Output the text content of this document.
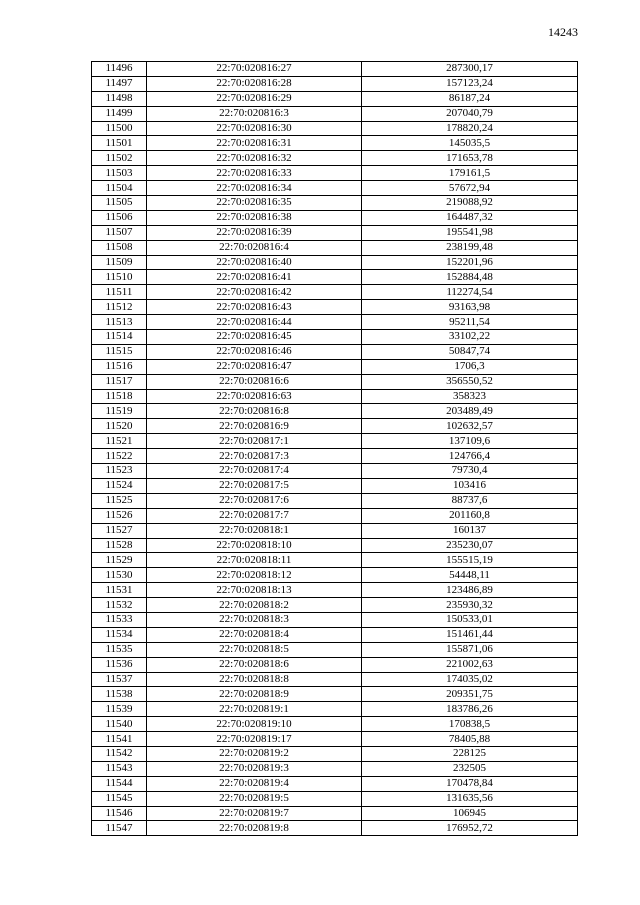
14243
11496	22:70:020816:27	287300,17
11497	22:70:020816:28	157123,24
11498	22:70:020816:29	86187,24
11499	22:70:020816:3	207040,79
11500	22:70:020816:30	178820,24
11501	22:70:020816:31	145035,5
11502	22:70:020816:32	171653,78
11503	22:70:020816:33	179161,5
11504	22:70:020816:34	57672,94
11505	22:70:020816:35	219088,92
11506	22:70:020816:38	164487,32
11507	22:70:020816:39	195541,98
11508	22:70:020816:4	238199,48
11509	22:70:020816:40	152201,96
11510	22:70:020816:41	152884,48
11511	22:70:020816:42	112274,54
11512	22:70:020816:43	93163,98
11513	22:70:020816:44	95211,54
11514	22:70:020816:45	33102,22
11515	22:70:020816:46	50847,74
11516	22:70:020816:47	1706,3
11517	22:70:020816:6	356550,52
11518	22:70:020816:63	358323
11519	22:70:020816:8	203489,49
11520	22:70:020816:9	102632,57
11521	22:70:020817:1	137109,6
11522	22:70:020817:3	124766,4
11523	22:70:020817:4	79730,4
11524	22:70:020817:5	103416
11525	22:70:020817:6	88737,6
11526	22:70:020817:7	201160,8
11527	22:70:020818:1	160137
11528	22:70:020818:10	235230,07
11529	22:70:020818:11	155515,19
11530	22:70:020818:12	54448,11
11531	22:70:020818:13	123486,89
11532	22:70:020818:2	235930,32
11533	22:70:020818:3	150533,01
11534	22:70:020818:4	151461,44
11535	22:70:020818:5	155871,06
11536	22:70:020818:6	221002,63
11537	22:70:020818:8	174035,02
11538	22:70:020818:9	209351,75
11539	22:70:020819:1	183786,26
11540	22:70:020819:10	170838,5
11541	22:70:020819:17	78405,88
11542	22:70:020819:2	228125
11543	22:70:020819:3	232505
11544	22:70:020819:4	170478,84
11545	22:70:020819:5	131635,56
11546	22:70:020819:7	106945
11547	22:70:020819:8	176952,72
